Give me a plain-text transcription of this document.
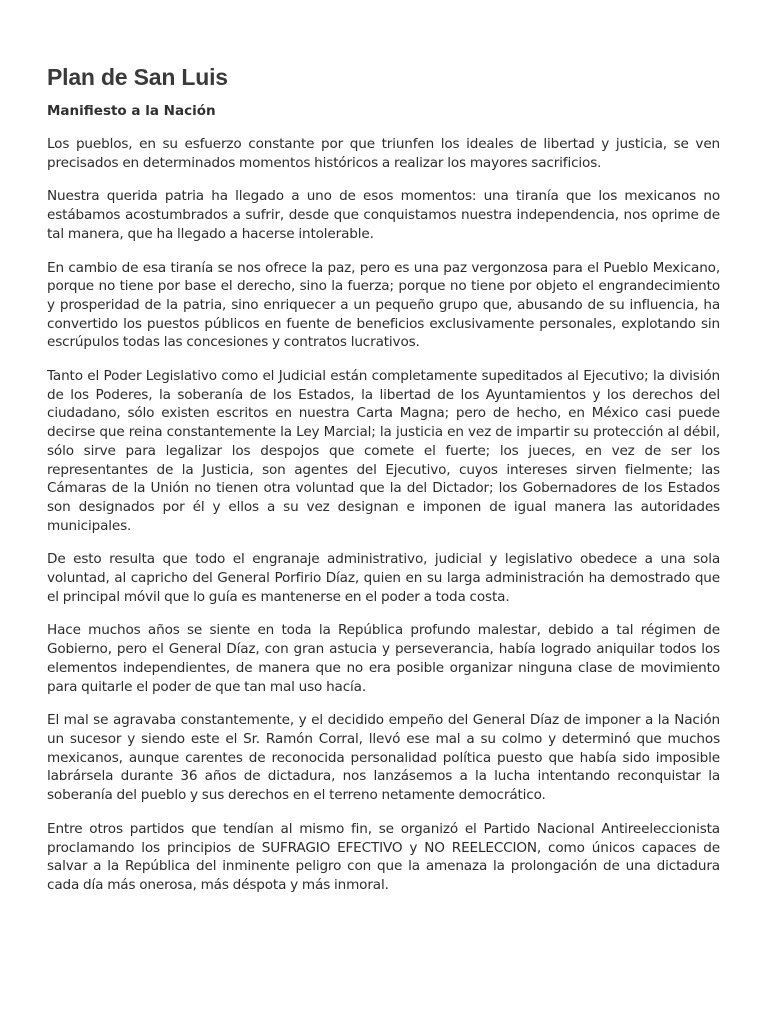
Plan de San Luis
Manifiesto a la Nación

Los pueblos, en su esfuerzo constante por que triunfen los ideales de libertad y justicia, se ven precisados en determinados momentos históricos a realizar los mayores sacrificios.

Nuestra querida patria ha llegado a uno de esos momentos: una tiranía que los mexicanos no estábamos acostumbrados a sufrir, desde que conquistamos nuestra independencia, nos oprime de tal manera, que ha llegado a hacerse intolerable.

En cambio de esa tiranía se nos ofrece la paz, pero es una paz vergonzosa para el Pueblo Mexicano, porque no tiene por base el derecho, sino la fuerza; porque no tiene por objeto el engrandecimiento y prosperidad de la patria, sino enriquecer a un pequeño grupo que, abusando de su influencia, ha convertido los puestos públicos en fuente de beneficios exclusivamente personales, explotando sin escrúpulos todas las concesiones y contratos lucrativos.

Tanto el Poder Legislativo como el Judicial están completamente supeditados al Ejecutivo; la división de los Poderes, la soberanía de los Estados, la libertad de los Ayuntamientos y los derechos del ciudadano, sólo existen escritos en nuestra Carta Magna; pero de hecho, en México casi puede decirse que reina constantemente la Ley Marcial; la justicia en vez de impartir su protección al débil, sólo sirve para legalizar los despojos que comete el fuerte; los jueces, en vez de ser los representantes de la Justicia, son agentes del Ejecutivo, cuyos intereses sirven fielmente; las Cámaras de la Unión no tienen otra voluntad que la del Dictador; los Gobernadores de los Estados son designados por él y ellos a su vez designan e imponen de igual manera las autoridades municipales.

De esto resulta que todo el engranaje administrativo, judicial y legislativo obedece a una sola voluntad, al capricho del General Porfirio Díaz, quien en su larga administración ha demostrado que el principal móvil que lo guía es mantenerse en el poder a toda costa.

Hace muchos años se siente en toda la República profundo malestar, debido a tal régimen de Gobierno, pero el General Díaz, con gran astucia y perseverancia, había logrado aniquilar todos los elementos independientes, de manera que no era posible organizar ninguna clase de movimiento para quitarle el poder de que tan mal uso hacía.

El mal se agravaba constantemente, y el decidido empeño del General Díaz de imponer a la Nación un sucesor y siendo este el Sr. Ramón Corral, llevó ese mal a su colmo y determinó que muchos mexicanos, aunque carentes de reconocida personalidad política puesto que había sido imposible labrársela durante 36 años de dictadura, nos lanzásemos a la lucha intentando reconquistar la soberanía del pueblo y sus derechos en el terreno netamente democrático.

Entre otros partidos que tendían al mismo fin, se organizó el Partido Nacional Antireeleccionista proclamando los principios de SUFRAGIO EFECTIVO y NO REELECCION, como únicos capaces de salvar a la República del inminente peligro con que la amenaza la prolongación de una dictadura cada día más onerosa, más déspota y más inmoral.
